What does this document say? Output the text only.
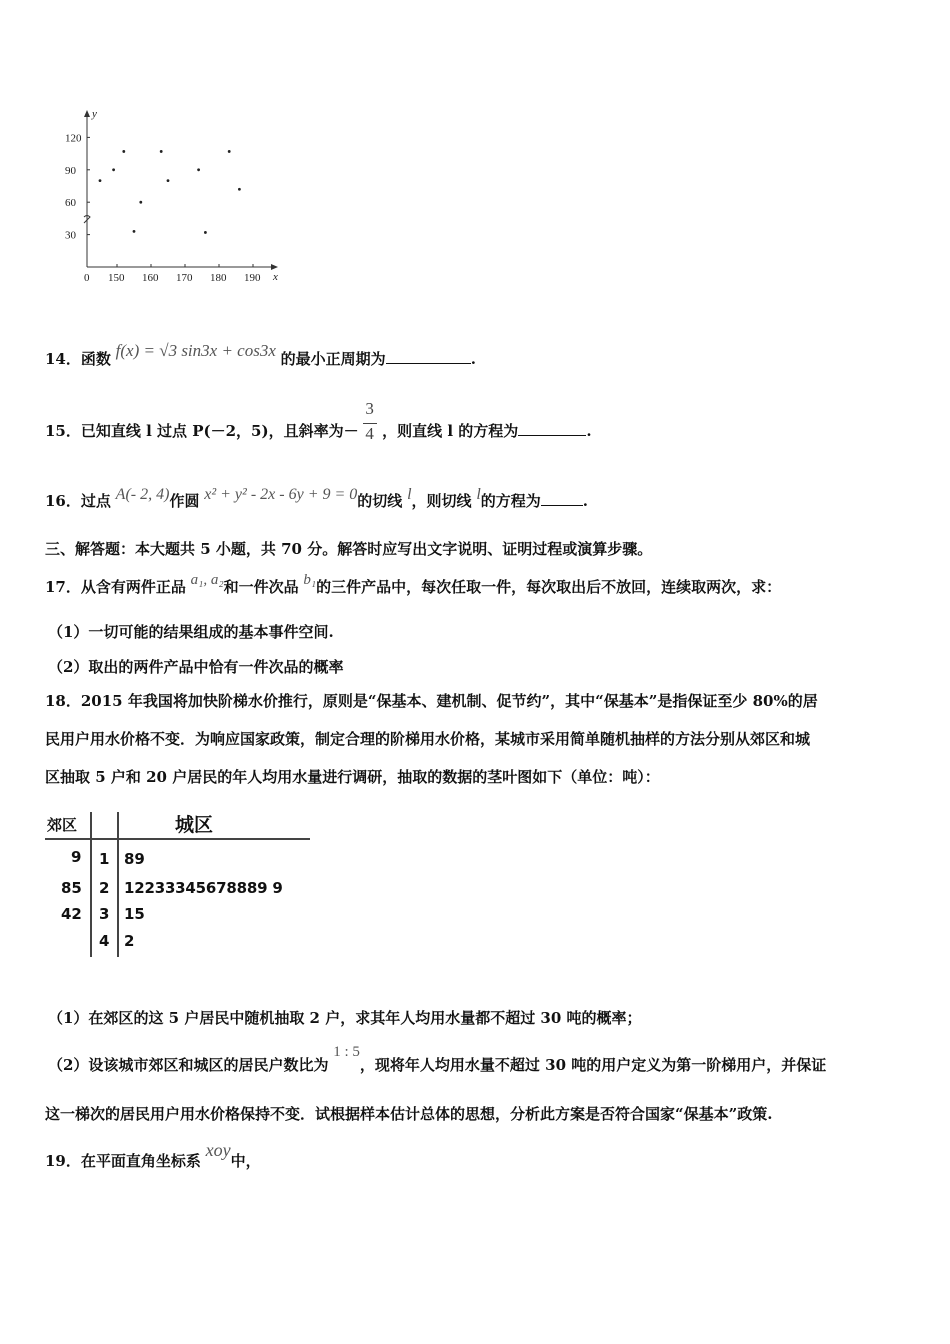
y
x
0 150 160 170 180 190
120
90
60
30
14．函数 f(x) = √3 sin3x + cos3x 的最小正周期为	.
15．已知直线 l 过点 P(－2，5)，且斜率为－ $\frac{3}{4}$ ，则直线 l 的方程为	.
16．过点 A(- 2, 4)作圆 x² + y² - 2x - 6y + 9 = 0的切线 l，则切线 l的方程为	.
三、解答题：本大题共 5 小题，共 70 分。解答时应写出文字说明、证明过程或演算步骤。
17．从含有两件正品 a₁, a₂和一件次品 b₁的三件产品中，每次任取一件，每次取出后不放回，连续取两次，求：
（1）一切可能的结果组成的基本事件空间.
（2）取出的两件产品中恰有一件次品的概率
18．2015 年我国将加快阶梯水价推行，原则是“保基本、建机制、促节约”，其中“保基本”是指保证至少 80%的居
民用户用水价格不变．为响应国家政策，制定合理的阶梯用水价格，某城市采用简单随机抽样的方法分别从郊区和城
区抽取 5 户和 20 户居民的年人均用水量进行调研，抽取的数据的茎叶图如下（单位：吨）：
郊区	城区
9 1 89
85 2 12233345678889 9
42 3 15
4 2
（1）在郊区的这 5 户居民中随机抽取 2 户，求其年人均用水量都不超过 30 吨的概率；
（2）设该城市郊区和城区的居民户数比为 1 : 5，现将年人均用水量不超过 30 吨的用户定义为第一阶梯用户，并保证
这一梯次的居民用户用水价格保持不变．试根据样本估计总体的思想，分析此方案是否符合国家“保基本”政策.
19．在平面直角坐标系 xoy中，
